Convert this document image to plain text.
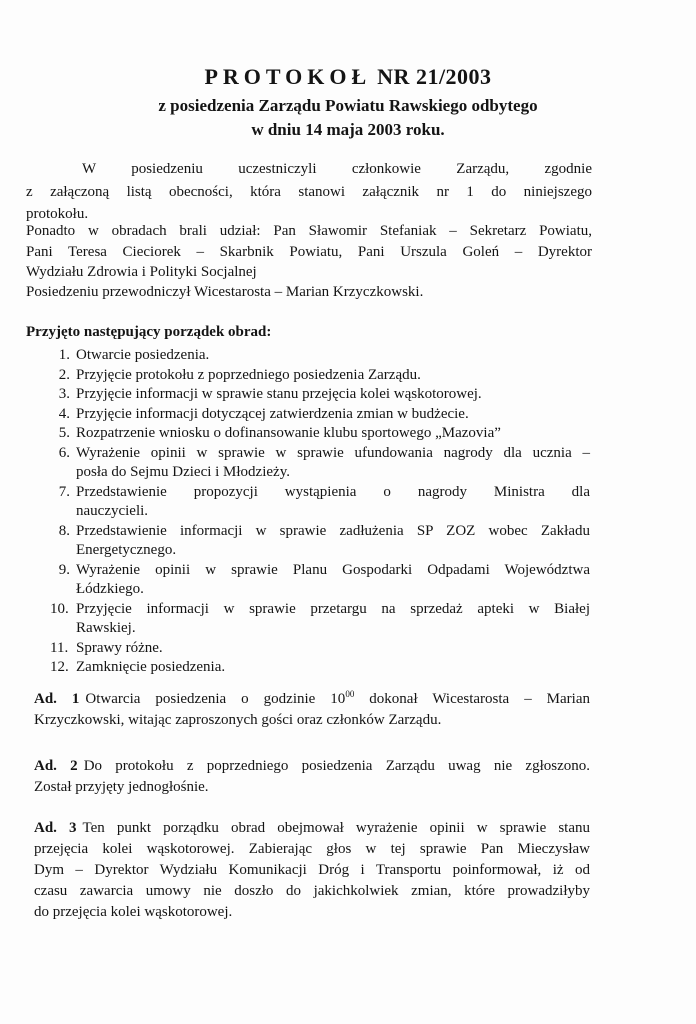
PROTOKOŁ NR 21/2003
z posiedzenia Zarządu Powiatu Rawskiego odbytego
w dniu 14 maja 2003 roku.
W posiedzeniu uczestniczyli członkowie Zarządu, zgodnie
z załączoną listą obecności, która stanowi załącznik nr 1 do niniejszego
protokołu.
Ponadto w obradach brali udział: Pan Sławomir Stefaniak – Sekretarz Powiatu,
Pani Teresa Cieciorek – Skarbnik Powiatu, Pani Urszula Goleń – Dyrektor
Wydziału Zdrowia i Polityki Socjalnej
Posiedzeniu przewodniczył Wicestarosta – Marian Krzyczkowski.
Przyjęto następujący porządek obrad:
1. Otwarcie posiedzenia.
2. Przyjęcie protokołu z poprzedniego posiedzenia Zarządu.
3. Przyjęcie informacji w sprawie stanu przejęcia kolei wąskotorowej.
4. Przyjęcie informacji dotyczącej zatwierdzenia zmian w budżecie.
5. Rozpatrzenie wniosku o dofinansowanie klubu sportowego „Mazovia”
6. Wyrażenie opinii w sprawie w sprawie ufundowania nagrody dla ucznia –
posła do Sejmu Dzieci i Młodzieży.
7. Przedstawienie propozycji wystąpienia o nagrody Ministra dla
nauczycieli.
8. Przedstawienie informacji w sprawie zadłużenia SP ZOZ wobec Zakładu
Energetycznego.
9. Wyrażenie opinii w sprawie Planu Gospodarki Odpadami Województwa
Łódzkiego.
10. Przyjęcie informacji w sprawie przetargu na sprzedaż apteki w Białej
Rawskiej.
11. Sprawy różne.
12. Zamknięcie posiedzenia.
Ad. 1 Otwarcia posiedzenia o godzinie $10^{00}$ dokonał Wicestarosta – Marian
Krzyczkowski, witając zaproszonych gości oraz członków Zarządu.
Ad. 2 Do protokołu z poprzedniego posiedzenia Zarządu uwag nie zgłoszono.
Został przyjęty jednogłośnie.
Ad. 3 Ten punkt porządku obrad obejmował wyrażenie opinii w sprawie stanu
przejęcia kolei wąskotorowej. Zabierając głos w tej sprawie Pan Mieczysław
Dym – Dyrektor Wydziału Komunikacji Dróg i Transportu poinformował, iż od
czasu zawarcia umowy nie doszło do jakichkolwiek zmian, które prowadziłyby
do przejęcia kolei wąskotorowej.
